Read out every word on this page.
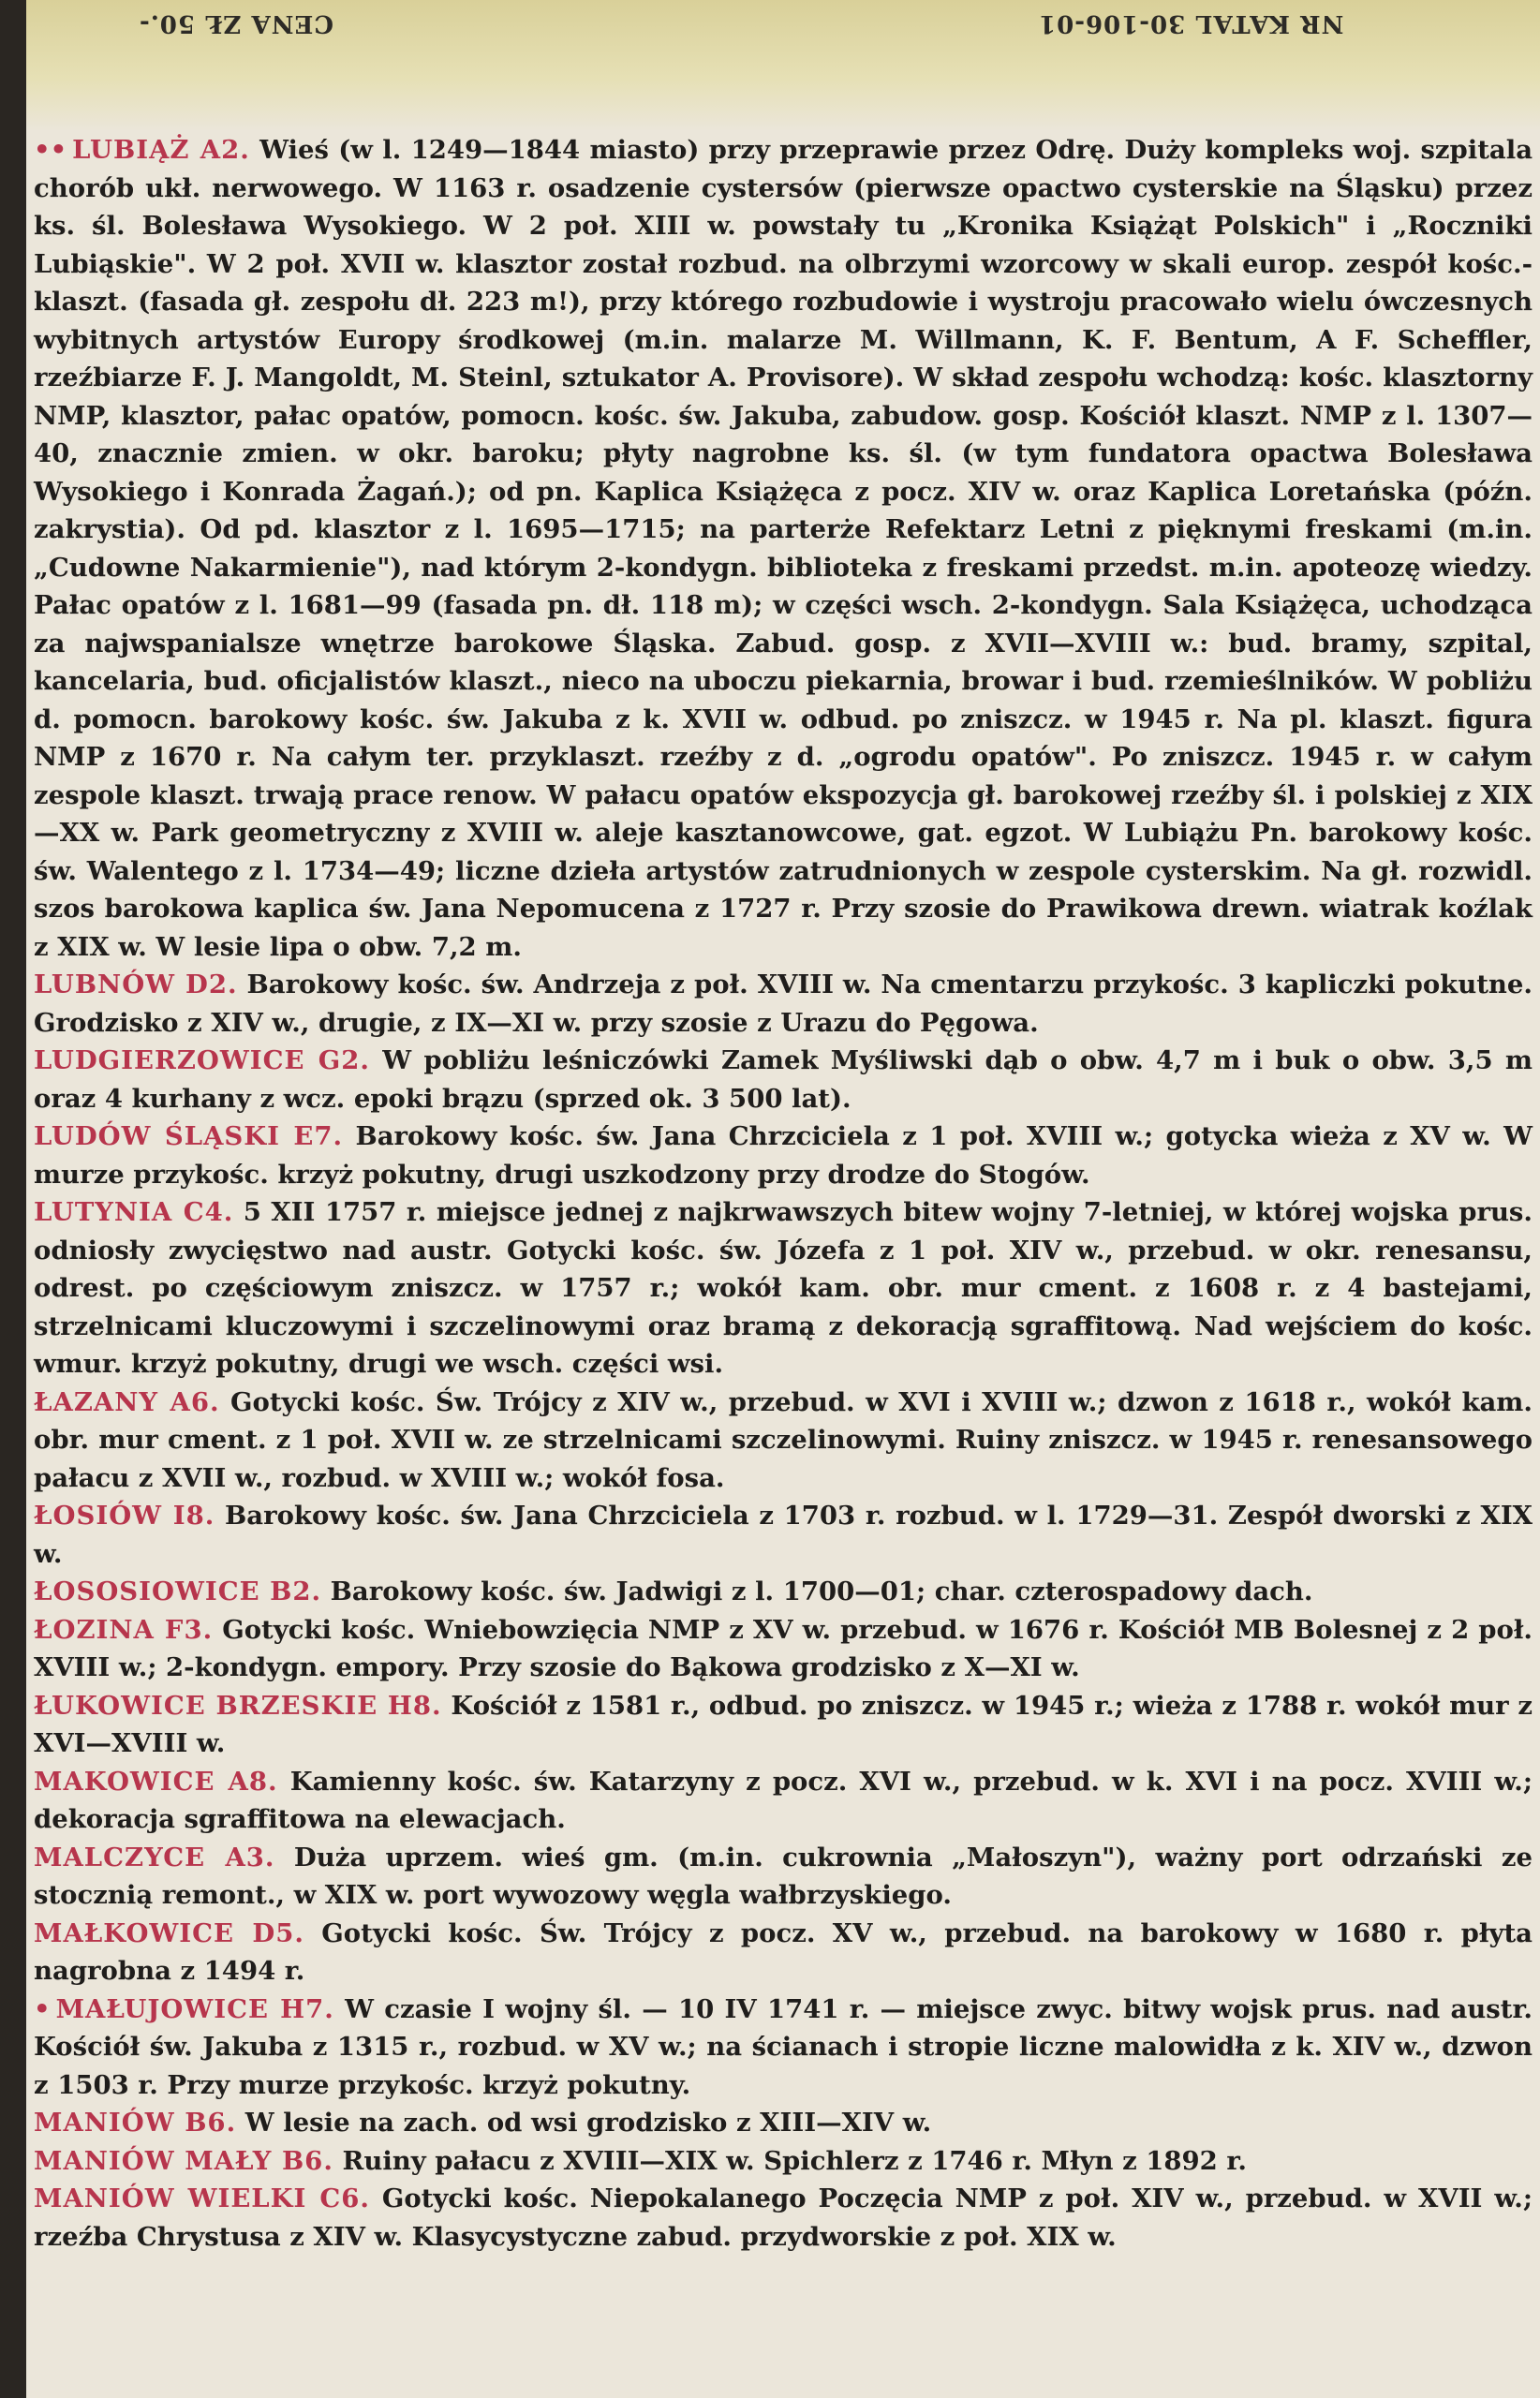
CENA ZŁ 50.-	NR KATAL 30-106-01

•• LUBIĄŻ A2. Wieś (w l. 1249—1844 miasto) przy przeprawie przez Odrę. Duży kompleks woj. szpitala chorób ukł. nerwowego. W 1163 r. osadzenie cystersów (pierwsze opactwo cysterskie na Śląsku) przez ks. śl. Bolesława Wysokiego. W 2 poł. XIII w. powstały tu „Kronika Książąt Polskich" i „Roczniki Lubiąskie". W 2 poł. XVII w. klasztor został rozbud. na olbrzymi wzorcowy w skali europ. zespół kośc.-klaszt. (fasada gł. zespołu dł. 223 m!), przy którego rozbudowie i wystroju pracowało wielu ówczesnych wybitnych artystów Europy środkowej (m.in. malarze M. Willmann, K. F. Bentum, A F. Scheffler, rzeźbiarze F. J. Mangoldt, M. Steinl, sztukator A. Provisore). W skład zespołu wchodzą: kośc. klasztorny NMP, klasztor, pałac opatów, pomocn. kośc. św. Jakuba, zabudow. gosp. Kościół klaszt. NMP z l. 1307—40, znacznie zmien. w okr. baroku; płyty nagrobne ks. śl. (w tym fundatora opactwa Bolesława Wysokiego i Konrada Żagań.); od pn. Kaplica Książęca z pocz. XIV w. oraz Kaplica Loretańska (późn. zakrystia). Od pd. klasztor z l. 1695—1715; na parterże Refektarz Letni z pięknymi freskami (m.in. „Cudowne Nakarmienie"), nad którym 2-kondygn. biblioteka z freskami przedst. m.in. apoteozę wiedzy. Pałac opatów z l. 1681—99 (fasada pn. dł. 118 m); w części wsch. 2-kondygn. Sala Książęca, uchodząca za najwspanialsze wnętrze barokowe Śląska. Zabud. gosp. z XVII—XVIII w.: bud. bramy, szpital, kancelaria, bud. oficjalistów klaszt., nieco na uboczu piekarnia, browar i bud. rzemieślników. W pobliżu d. pomocn. barokowy kośc. św. Jakuba z k. XVII w. odbud. po zniszcz. w 1945 r. Na pl. klaszt. figura NMP z 1670 r. Na całym ter. przyklaszt. rzeźby z d. „ogrodu opatów". Po zniszcz. 1945 r. w całym zespole klaszt. trwają prace renow. W pałacu opatów ekspozycja gł. barokowej rzeźby śl. i polskiej z XIX—XX w. Park geometryczny z XVIII w. aleje kasztanowcowe, gat. egzot. W Lubiążu Pn. barokowy kośc. św. Walentego z l. 1734—49; liczne dzieła artystów zatrudnionych w zespole cysterskim. Na gł. rozwidl. szos barokowa kaplica św. Jana Nepomucena z 1727 r. Przy szosie do Prawikowa drewn. wiatrak koźlak z XIX w. W lesie lipa o obw. 7,2 m.

LUBNÓW D2. Barokowy kośc. św. Andrzeja z poł. XVIII w. Na cmentarzu przykośc. 3 kapliczki pokutne. Grodzisko z XIV w., drugie, z IX—XI w. przy szosie z Urazu do Pęgowa.

LUDGIERZOWICE G2. W pobliżu leśniczówki Zamek Myśliwski dąb o obw. 4,7 m i buk o obw. 3,5 m oraz 4 kurhany z wcz. epoki brązu (sprzed ok. 3 500 lat).

LUDÓW ŚLĄSKI E7. Barokowy kośc. św. Jana Chrzciciela z 1 poł. XVIII w.; gotycka wieża z XV w. W murze przykośc. krzyż pokutny, drugi uszkodzony przy drodze do Stogów.

LUTYNIA C4. 5 XII 1757 r. miejsce jednej z najkrwawszych bitew wojny 7-letniej, w której wojska prus. odniosły zwycięstwo nad austr. Gotycki kośc. św. Józefa z 1 poł. XIV w., przebud. w okr. renesansu, odrest. po częściowym zniszcz. w 1757 r.; wokół kam. obr. mur cment. z 1608 r. z 4 bastejami, strzelnicami kluczowymi i szczelinowymi oraz bramą z dekoracją sgraffitową. Nad wejściem do kośc. wmur. krzyż pokutny, drugi we wsch. części wsi.

ŁAZANY A6. Gotycki kośc. Św. Trójcy z XIV w., przebud. w XVI i XVIII w.; dzwon z 1618 r., wokół kam. obr. mur cment. z 1 poł. XVII w. ze strzelnicami szczelinowymi. Ruiny zniszcz. w 1945 r. renesansowego pałacu z XVII w., rozbud. w XVIII w.; wokół fosa.

ŁOSIÓW I8. Barokowy kośc. św. Jana Chrzciciela z 1703 r. rozbud. w l. 1729—31. Zespół dworski z XIX w.

ŁOSOSIOWICE B2. Barokowy kośc. św. Jadwigi z l. 1700—01; char. czterospadowy dach.

ŁOZINA F3. Gotycki kośc. Wniebowzięcia NMP z XV w. przebud. w 1676 r. Kościół MB Bolesnej z 2 poł. XVIII w.; 2-kondygn. empory. Przy szosie do Bąkowa grodzisko z X—XI w.

ŁUKOWICE BRZESKIE H8. Kościół z 1581 r., odbud. po zniszcz. w 1945 r.; wieża z 1788 r. wokół mur z XVI—XVIII w.

MAKOWICE A8. Kamienny kośc. św. Katarzyny z pocz. XVI w., przebud. w k. XVI i na pocz. XVIII w.; dekoracja sgraffitowa na elewacjach.

MALCZYCE A3. Duża uprzem. wieś gm. (m.in. cukrownia „Małoszyn"), ważny port odrzański ze stocznią remont., w XIX w. port wywozowy węgla wałbrzyskiego.

MAŁKOWICE D5. Gotycki kośc. Św. Trójcy z pocz. XV w., przebud. na barokowy w 1680 r. płyta nagrobna z 1494 r.

• MAŁUJOWICE H7. W czasie I wojny śl. — 10 IV 1741 r. — miejsce zwyc. bitwy wojsk prus. nad austr. Kościół św. Jakuba z 1315 r., rozbud. w XV w.; na ścianach i stropie liczne malowidła z k. XIV w., dzwon z 1503 r. Przy murze przykośc. krzyż pokutny.

MANIÓW B6. W lesie na zach. od wsi grodzisko z XIII—XIV w.

MANIÓW MAŁY B6. Ruiny pałacu z XVIII—XIX w. Spichlerz z 1746 r. Młyn z 1892 r.

MANIÓW WIELKI C6. Gotycki kośc. Niepokalanego Poczęcia NMP z poł. XIV w., przebud. w XVII w.; rzeźba Chrystusa z XIV w. Klasycystyczne zabud. przydworskie z poł. XIX w.
